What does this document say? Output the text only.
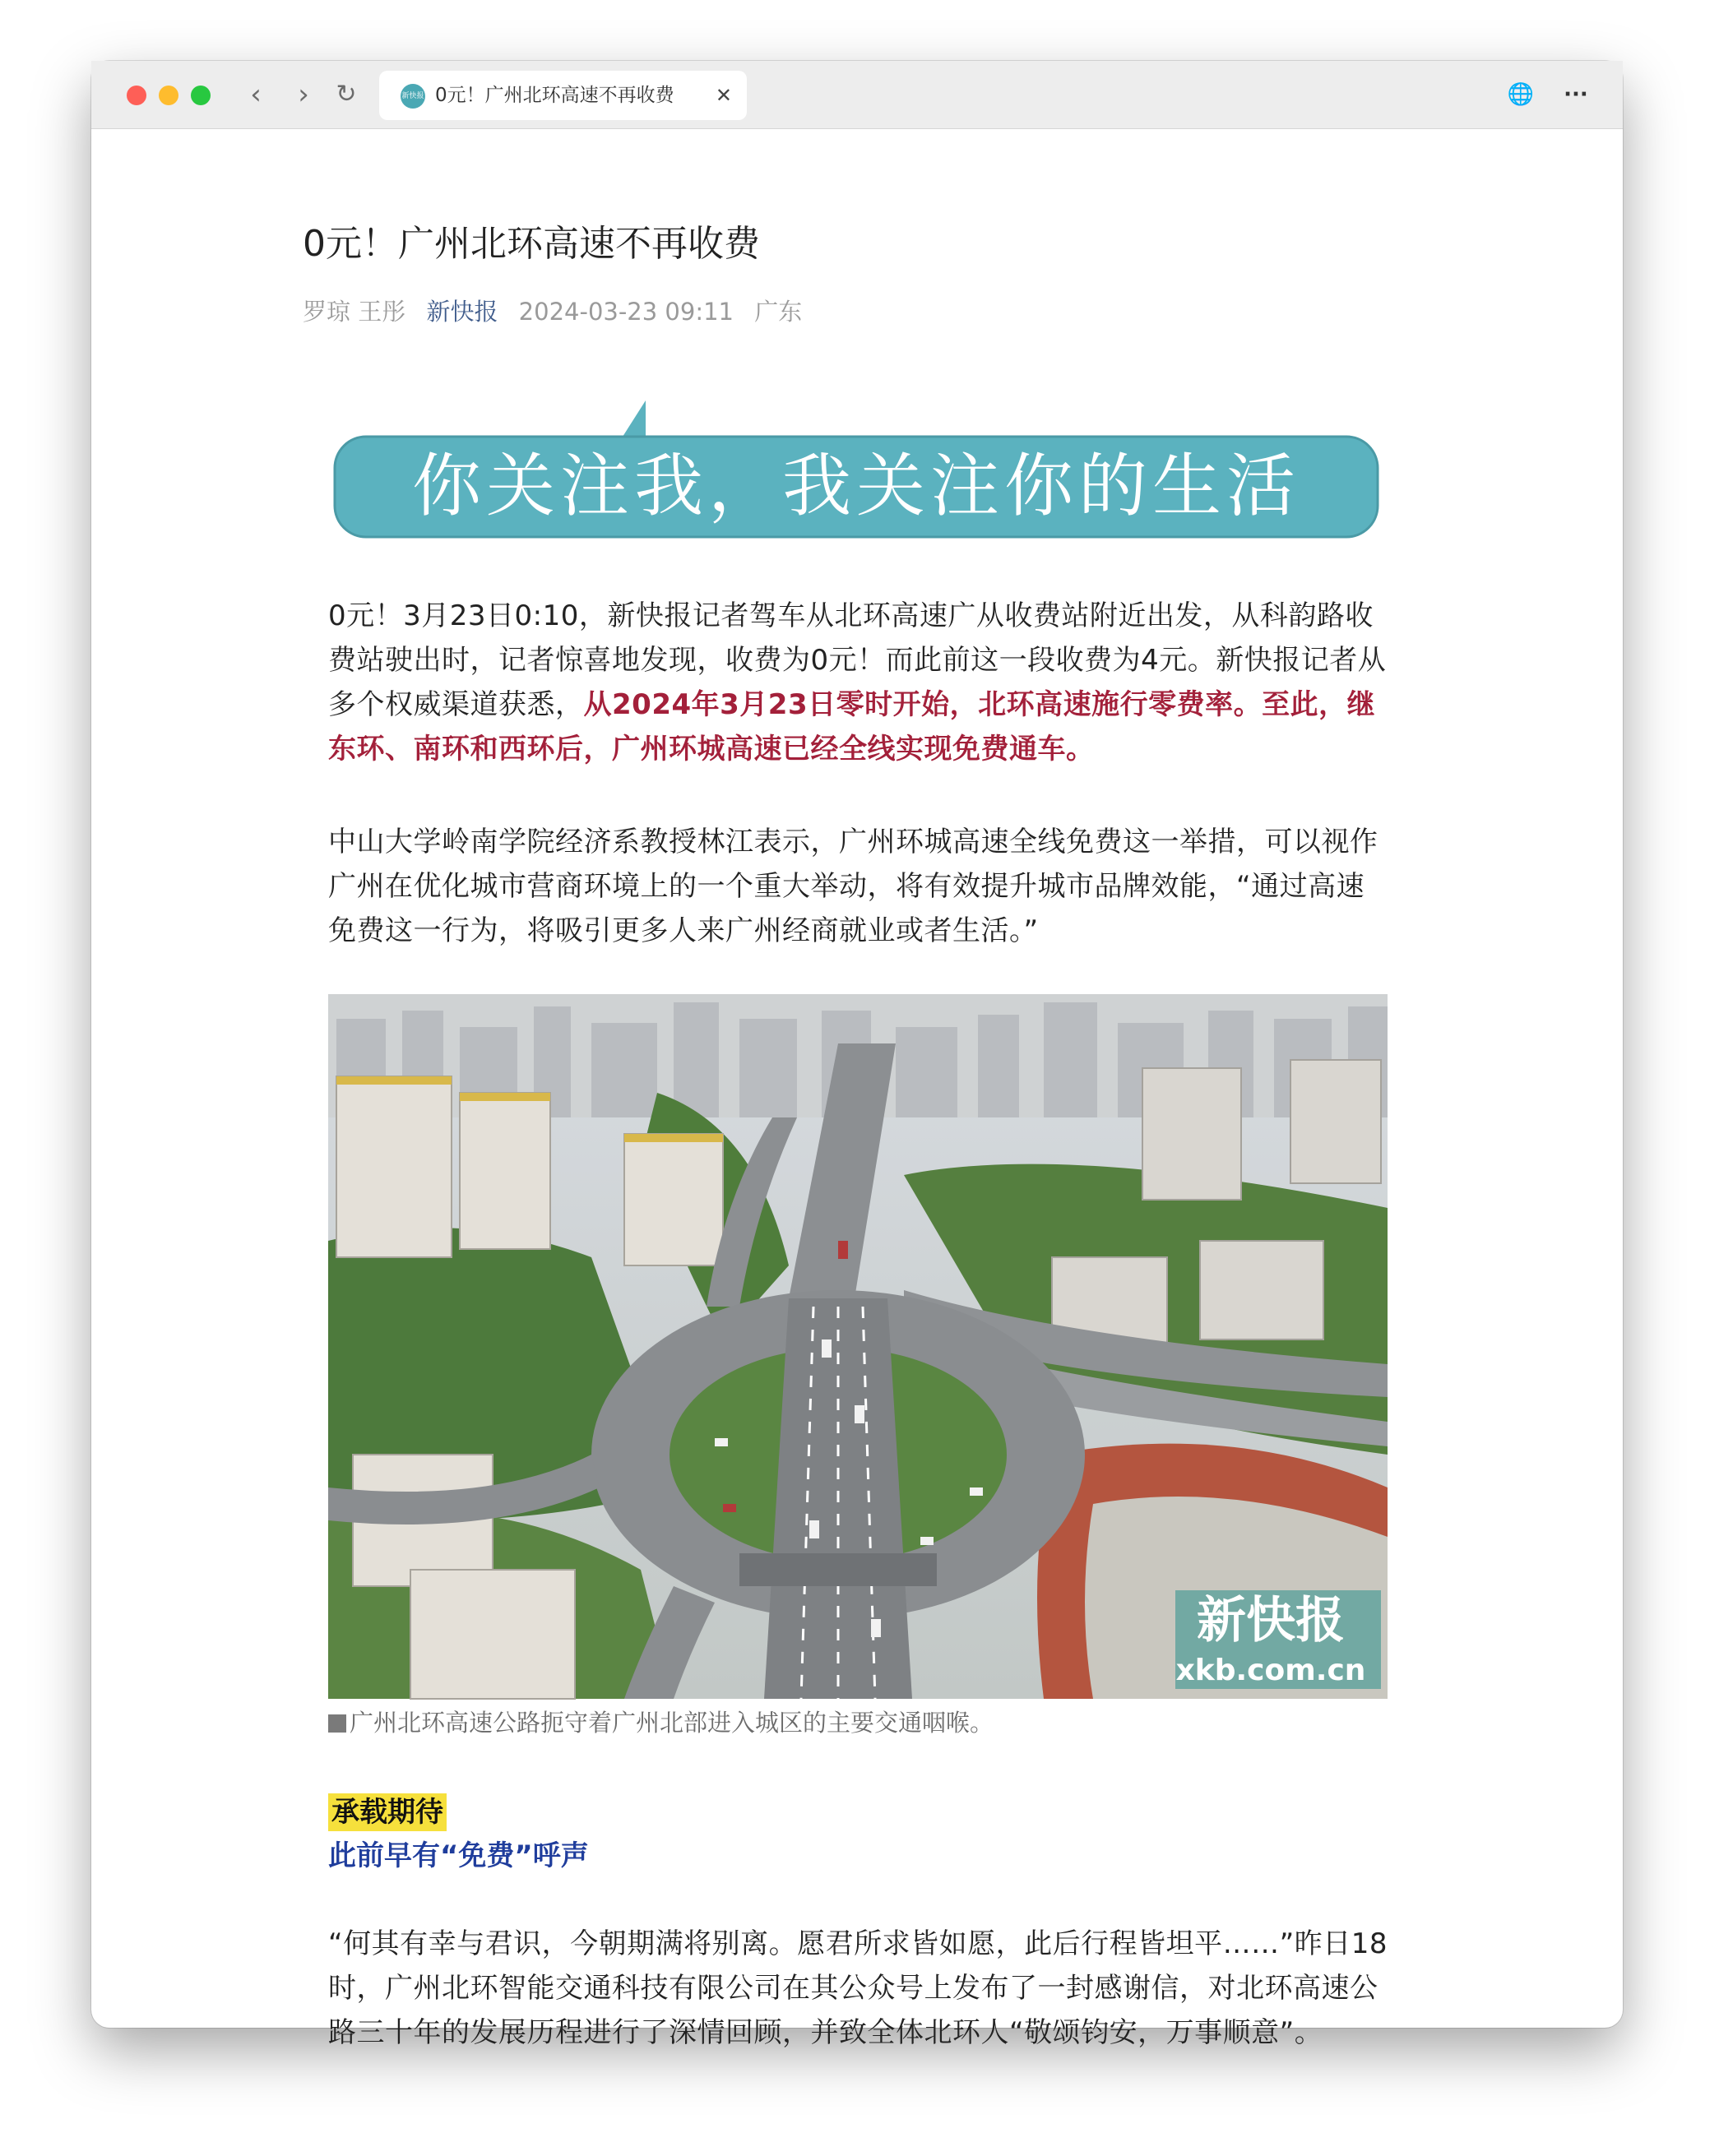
‹	›	↻	新快报 0元！广州北环高速不再收费 ✕	🌐	···
0元！广州北环高速不再收费
罗琼 王彤 新快报 2024-03-23 09:11 广东
你关注我，我关注你的生活

0元！3月23日0:10，新快报记者驾车从北环高速广从收费站附近出发，从科韵路收费站驶出时，记者惊喜地发现，收费为0元！而此前这一段收费为4元。新快报记者从多个权威渠道获悉，从2024年3月23日零时开始，北环高速施行零费率。至此，继东环、南环和西环后，广州环城高速已经全线实现免费通车。

中山大学岭南学院经济系教授林江表示，广州环城高速全线免费这一举措，可以视作广州在优化城市营商环境上的一个重大举动，将有效提升城市品牌效能，“通过高速免费这一行为，将吸引更多人来广州经商就业或者生活。”

新快报
xkb.com.cn
广州北环高速公路扼守着广州北部进入城区的主要交通咽喉。
承载期待
此前早有“免费”呼声

“何其有幸与君识，今朝期满将别离。愿君所求皆如愿，此后行程皆坦平……”昨日18时，广州北环智能交通科技有限公司在其公众号上发布了一封感谢信，对北环高速公路三十年的发展历程进行了深情回顾，并致全体北环人“敬颂钧安，万事顺意”。
